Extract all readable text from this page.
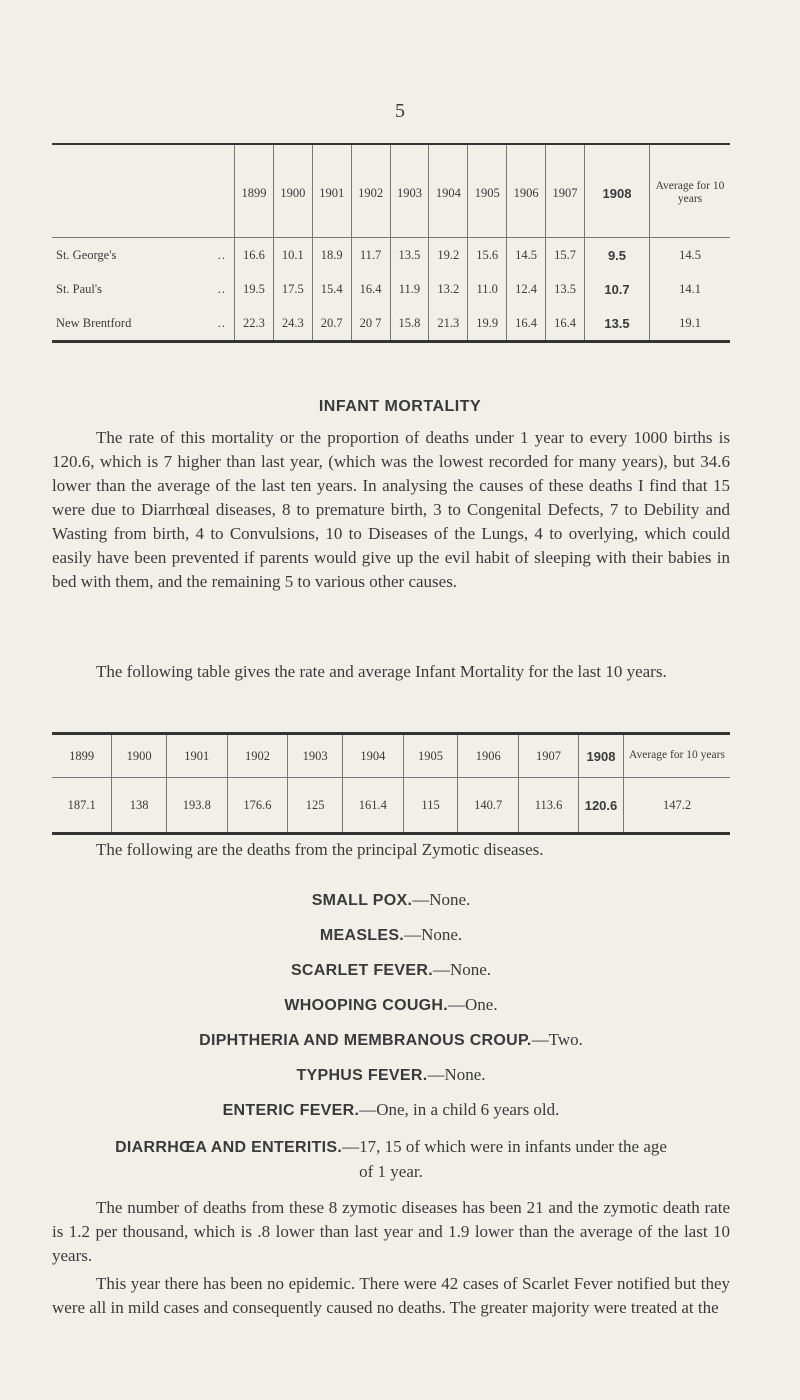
5
	1899	1900	1901	1902	1903	1904	1905	1906	1907	1908	Average for 10 years
St. George's ..	16.6	10.1	18.9	11.7	13.5	19.2	15.6	14.5	15.7	9.5	14.5
St. Paul's ..	19.5	17.5	15.4	16.4	11.9	13.2	11.0	12.4	13.5	10.7	14.1
New Brentford ..	22.3	24.3	20.7	20 7	15.8	21.3	19.9	16.4	16.4	13.5	19.1
INFANT MORTALITY

The rate of this mortality or the proportion of deaths under 1 year to every 1000 births is 120.6, which is 7 higher than last year, (which was the lowest recorded for many years), but 34.6 lower than the average of the last ten years. In analysing the causes of these deaths I find that 15 were due to Diarrhœal diseases, 8 to premature birth, 3 to Congenital Defects, 7 to Debility and Wasting from birth, 4 to Convulsions, 10 to Diseases of the Lungs, 4 to overlying, which could easily have been prevented if parents would give up the evil habit of sleeping with their babies in bed with them, and the remaining 5 to various other causes.

The following table gives the rate and average Infant Mortality for the last 10 years.

1899	1900	1901	1902	1903	1904	1905	1906	1907	1908	Average for 10 years
187.1	138	193.8	176.6	125	161.4	115	140.7	113.6	120.6	147.2

The following are the deaths from the principal Zymotic diseases.

SMALL POX.—None.
MEASLES.—None.
SCARLET FEVER.—None.
WHOOPING COUGH.—One.
DIPHTHERIA AND MEMBRANOUS CROUP.—Two.
TYPHUS FEVER.—None.
ENTERIC FEVER.—One, in a child 6 years old.
DIARRHŒA AND ENTERITIS.—17, 15 of which were in infants under the age of 1 year.

The number of deaths from these 8 zymotic diseases has been 21 and the zymotic death rate is 1.2 per thousand, which is .8 lower than last year and 1.9 lower than the average of the last 10 years.

This year there has been no epidemic. There were 42 cases of Scarlet Fever notified but they were all in mild cases and consequently caused no deaths. The greater majority were treated at the
